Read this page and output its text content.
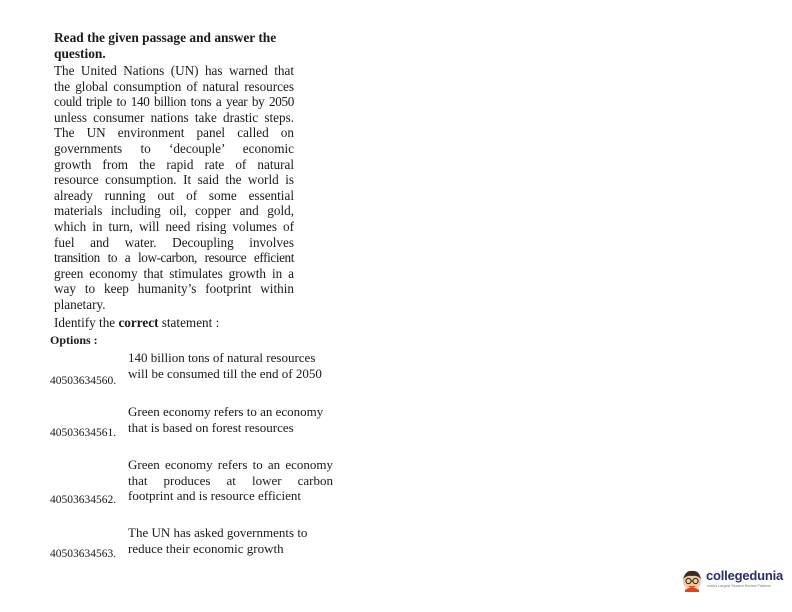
Read the given passage and answer the
question.
The United Nations (UN) has warned that
the global consumption of natural resources
could triple to 140 billion tons a year by 2050
unless consumer nations take drastic steps.
The UN environment panel called on
governments to ‘decouple’ economic
growth from the rapid rate of natural
resource consumption. It said the world is
already running out of some essential
materials including oil, copper and gold,
which in turn, will need rising volumes of
fuel and water. Decoupling involves
transition to a low-carbon, resource efficient
green economy that stimulates growth in a
way to keep humanity’s footprint within
planetary.
Identify the correct statement :
Options :
140 billion tons of natural resources
will be consumed till the end of 2050
40503634560.
Green economy refers to an economy
that is based on forest resources
40503634561.
Green economy refers to an economy
that produces at lower carbon
footprint and is resource efficient
40503634562.
The UN has asked governments to
reduce their economic growth
40503634563.
collegedunia
India's Largest Student Review Platform
